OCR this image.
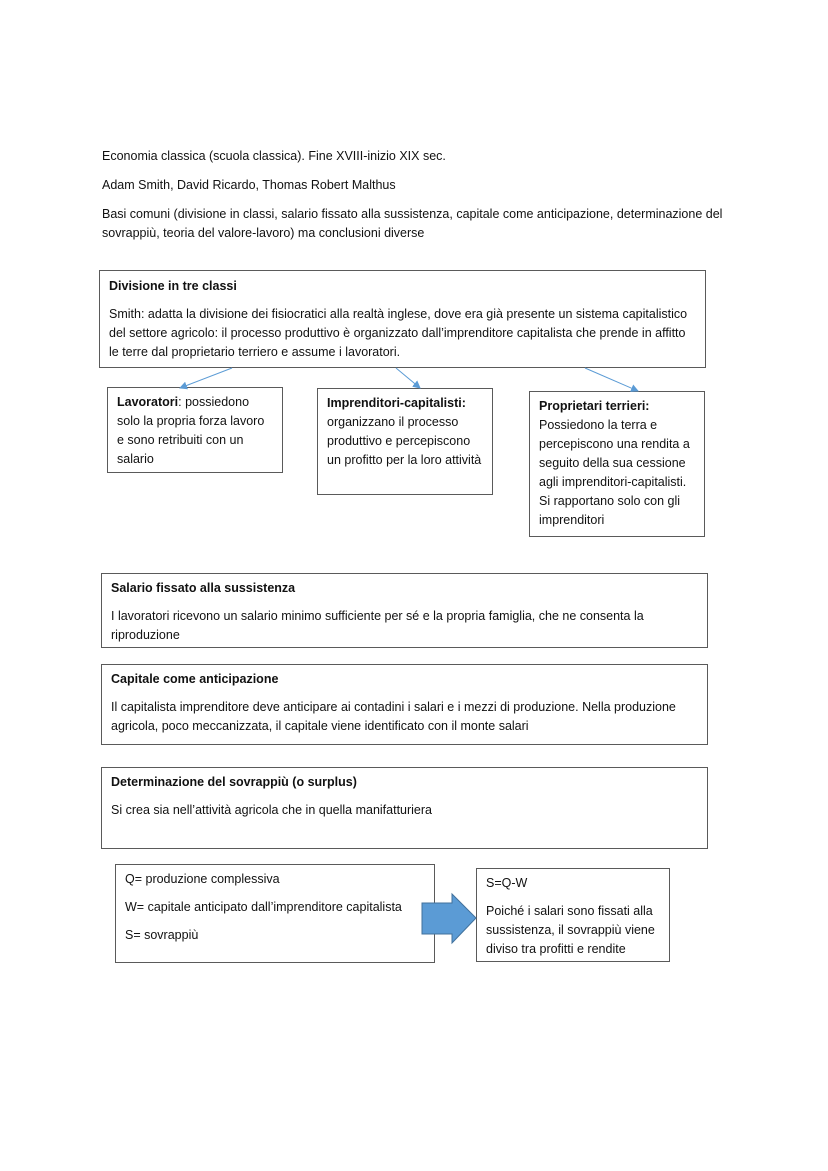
Economia classica (scuola classica). Fine XVIII-inizio XIX sec.

Adam Smith, David Ricardo, Thomas Robert Malthus

Basi comuni (divisione in classi, salario fissato alla sussistenza, capitale come anticipazione, determinazione del sovrappiù, teoria del valore-lavoro) ma conclusioni diverse

Divisione in tre classi

Smith: adatta la divisione dei fisiocratici alla realtà inglese, dove era già presente un sistema capitalistico del settore agricolo: il processo produttivo è organizzato dall’imprenditore capitalista che prende in affitto le terre dal proprietario terriero e assume i lavoratori.

Lavoratori: possiedono solo la propria forza lavoro e sono retribuiti con un salario

Imprenditori-capitalisti:

organizzano il processo produttivo e percepiscono un profitto per la loro attività

Proprietari terrieri:

Possiedono la terra e percepiscono una rendita a seguito della sua cessione agli imprenditori-capitalisti. Si rapportano solo con gli imprenditori

Salario fissato alla sussistenza

I lavoratori ricevono un salario minimo sufficiente per sé e la propria famiglia, che ne consenta la riproduzione

Capitale come anticipazione

Il capitalista imprenditore deve anticipare ai contadini i salari e i mezzi di produzione. Nella produzione agricola, poco meccanizzata, il capitale viene identificato con il monte salari

Determinazione del sovrappiù (o surplus)

Si crea sia nell’attività agricola che in quella manifatturiera

Q= produzione complessiva

W= capitale anticipato dall’imprenditore capitalista

S= sovrappiù

S=Q-W

Poiché i salari sono fissati alla sussistenza, il sovrappiù viene diviso tra profitti e rendite
